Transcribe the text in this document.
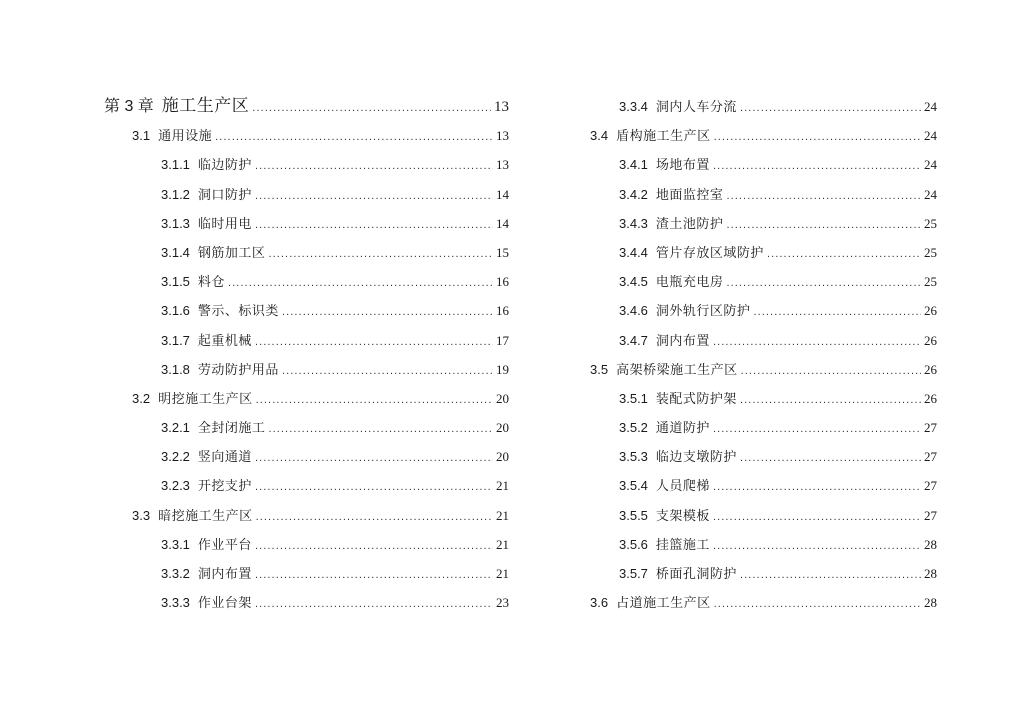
第 3 章 施工生产区 .....	13
3.1 通用设施 .....	13
3.1.1 临边防护 .....	13
3.1.2 洞口防护 .....	14
3.1.3 临时用电 .....	14
3.1.4 钢筋加工区 .....	15
3.1.5 料仓 .....	16
3.1.6 警示、标识类 .....	16
3.1.7 起重机械 .....	17
3.1.8 劳动防护用品 .....	19
3.2 明挖施工生产区 .....	20
3.2.1 全封闭施工 .....	20
3.2.2 竖向通道 .....	20
3.2.3 开挖支护 .....	21
3.3 暗挖施工生产区 .....	21
3.3.1 作业平台 .....	21
3.3.2 洞内布置 .....	21
3.3.3 作业台架 .....	23
3.3.4 洞内人车分流 .....	24
3.4 盾构施工生产区 .....	24
3.4.1 场地布置 .....	24
3.4.2 地面监控室 .....	24
3.4.3 渣土池防护 .....	25
3.4.4 管片存放区域防护 .....	25
3.4.5 电瓶充电房 .....	25
3.4.6 洞外轨行区防护 .....	26
3.4.7 洞内布置 .....	26
3.5 高架桥梁施工生产区 .....	26
3.5.1 装配式防护架 .....	26
3.5.2 通道防护 .....	27
3.5.3 临边支墩防护 .....	27
3.5.4 人员爬梯 .....	27
3.5.5 支架模板 .....	27
3.5.6 挂篮施工 .....	28
3.5.7 桥面孔洞防护 .....	28
3.6 占道施工生产区 .....	28
